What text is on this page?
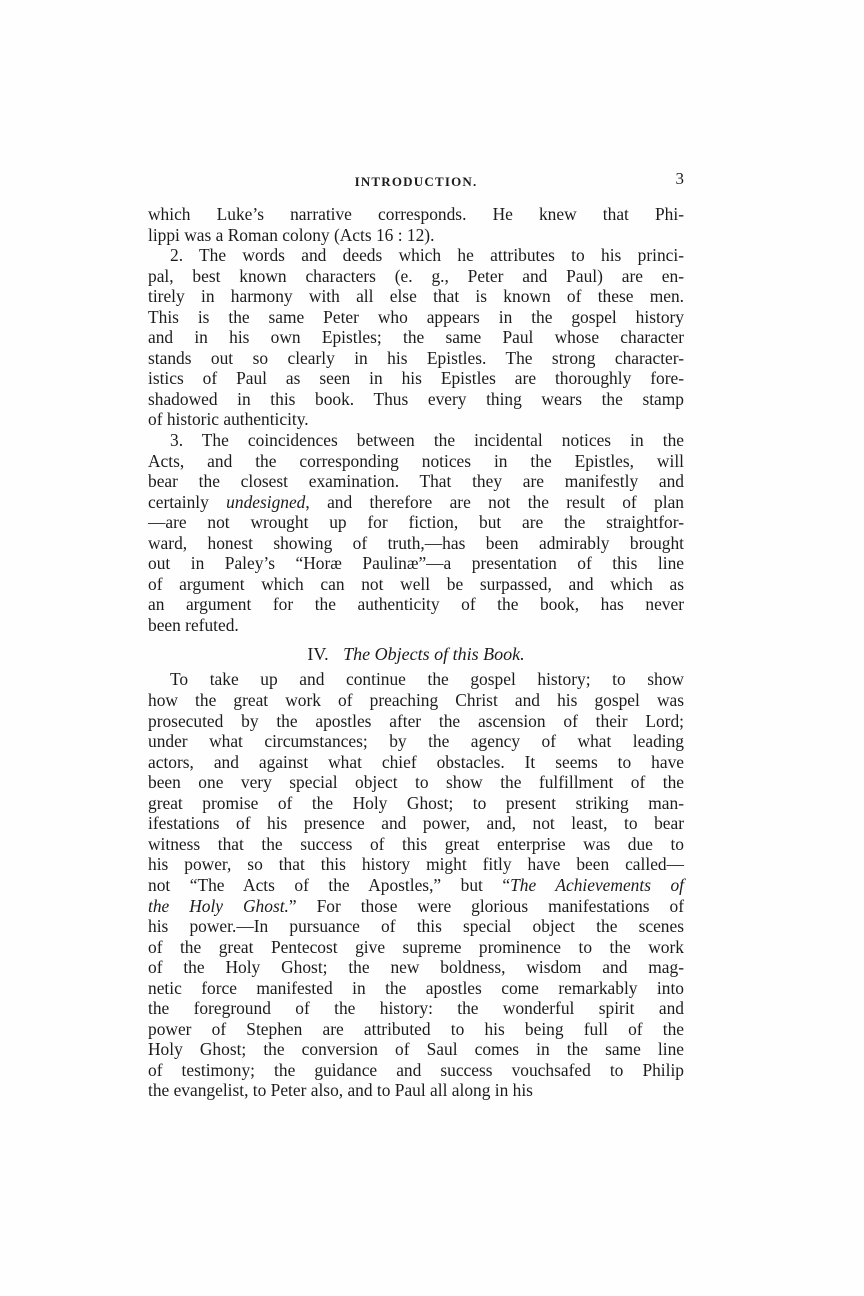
INTRODUCTION.	3
which Luke’s narrative corresponds. He knew that Phi-
lippi was a Roman colony (Acts 16 : 12).
2. The words and deeds which he attributes to his princi-
pal, best known characters (e. g., Peter and Paul) are en-
tirely in harmony with all else that is known of these men.
This is the same Peter who appears in the gospel history
and in his own Epistles; the same Paul whose character
stands out so clearly in his Epistles. The strong character-
istics of Paul as seen in his Epistles are thoroughly fore-
shadowed in this book. Thus every thing wears the stamp
of historic authenticity.
3. The coincidences between the incidental notices in the
Acts, and the corresponding notices in the Epistles, will
bear the closest examination. That they are manifestly and
certainly undesigned, and therefore are not the result of plan
—are not wrought up for fiction, but are the straightfor-
ward, honest showing of truth,—has been admirably brought
out in Paley’s “Horæ Paulinæ”—a presentation of this line
of argument which can not well be surpassed, and which as
an argument for the authenticity of the book, has never
been refuted.
IV. The Objects of this Book.
To take up and continue the gospel history; to show
how the great work of preaching Christ and his gospel was
prosecuted by the apostles after the ascension of their Lord;
under what circumstances; by the agency of what leading
actors, and against what chief obstacles. It seems to have
been one very special object to show the fulfillment of the
great promise of the Holy Ghost; to present striking man-
ifestations of his presence and power, and, not least, to bear
witness that the success of this great enterprise was due to
his power, so that this history might fitly have been called—
not “The Acts of the Apostles,” but “The Achievements of
the Holy Ghost.” For those were glorious manifestations of
his power.—In pursuance of this special object the scenes
of the great Pentecost give supreme prominence to the work
of the Holy Ghost; the new boldness, wisdom and mag-
netic force manifested in the apostles come remarkably into
the foreground of the history: the wonderful spirit and
power of Stephen are attributed to his being full of the
Holy Ghost; the conversion of Saul comes in the same line
of testimony; the guidance and success vouchsafed to Philip
the evangelist, to Peter also, and to Paul all along in his
